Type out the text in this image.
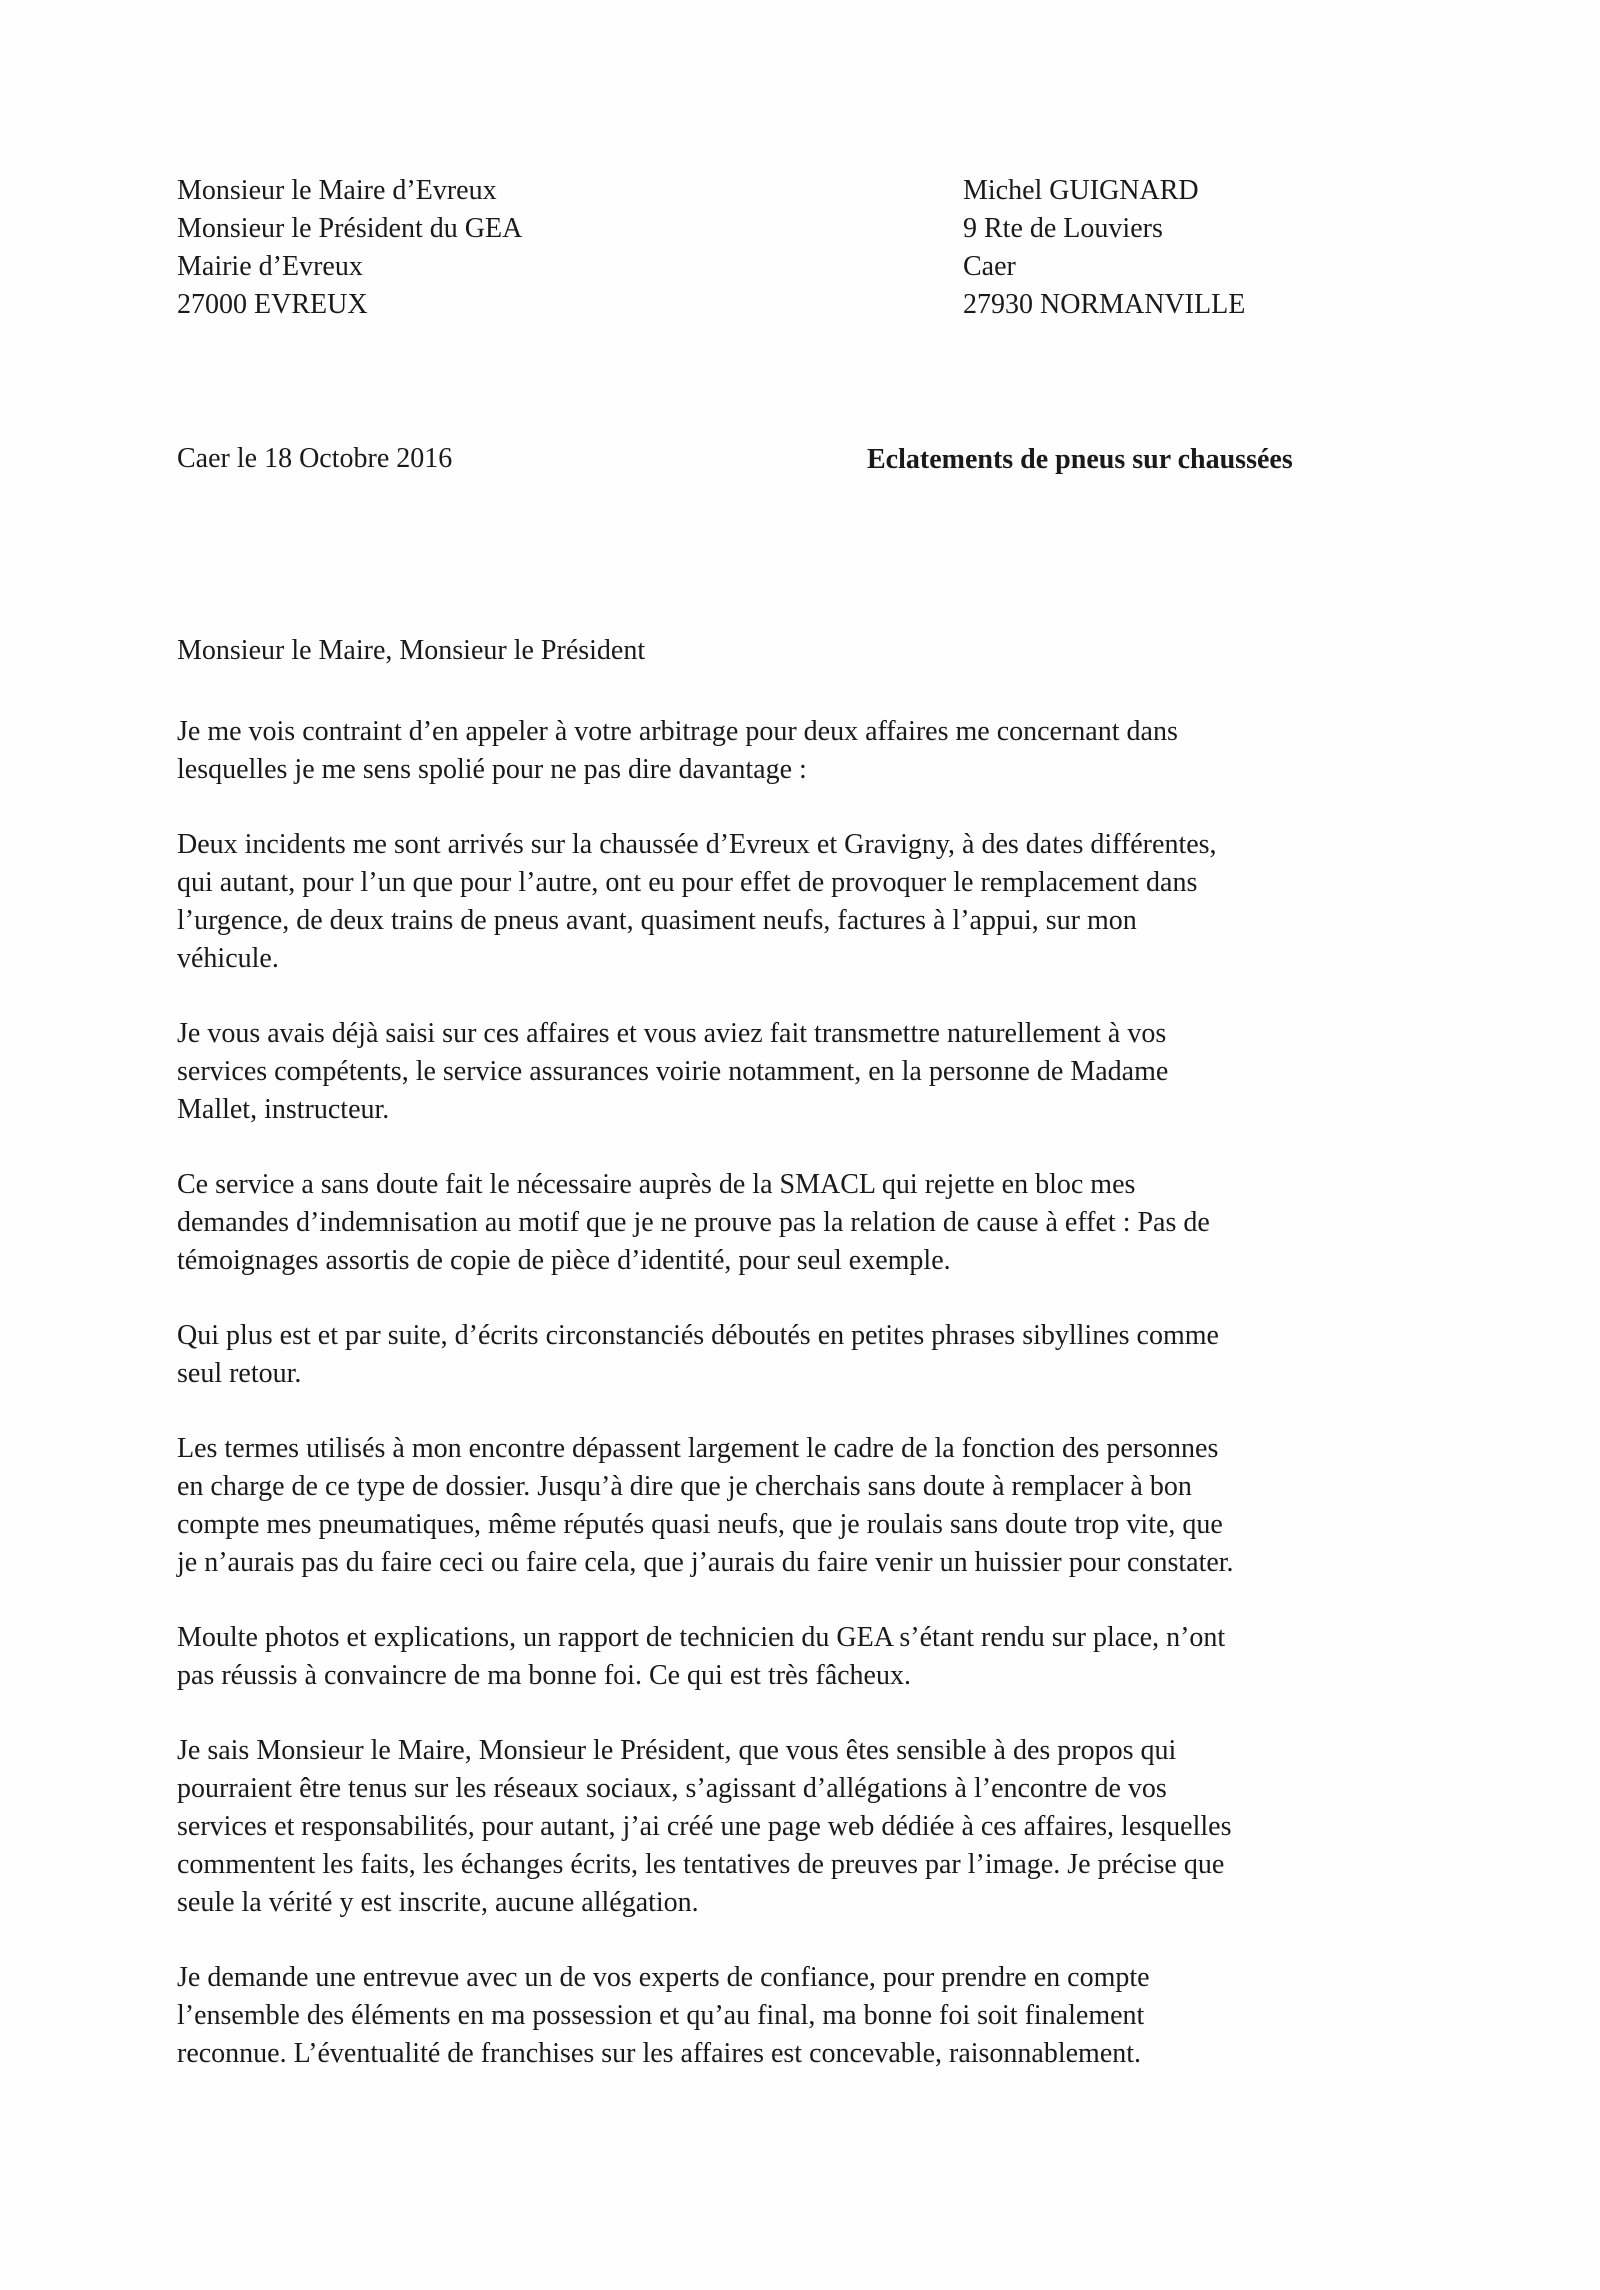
Monsieur le Maire d’Evreux
Monsieur le Président du GEA
Mairie d’Evreux
27000 EVREUX
Michel GUIGNARD
9 Rte de Louviers
Caer
27930 NORMANVILLE
Caer le 18 Octobre 2016	Eclatements de pneus sur chaussées
Monsieur le Maire, Monsieur le Président

Je me vois contraint d’en appeler à votre arbitrage pour deux affaires me concernant dans
lesquelles je me sens spolié pour ne pas dire davantage :

Deux incidents me sont arrivés sur la chaussée d’Evreux et Gravigny, à des dates différentes,
qui autant, pour l’un que pour l’autre, ont eu pour effet de provoquer le remplacement dans
l’urgence, de deux trains de pneus avant, quasiment neufs, factures à l’appui, sur mon
véhicule.

Je vous avais déjà saisi sur ces affaires et vous aviez fait transmettre naturellement à vos
services compétents, le service assurances voirie notamment, en la personne de Madame
Mallet, instructeur.

Ce service a sans doute fait le nécessaire auprès de la SMACL qui rejette en bloc mes
demandes d’indemnisation au motif que je ne prouve pas la relation de cause à effet : Pas de
témoignages assortis de copie de pièce d’identité, pour seul exemple.

Qui plus est et par suite, d’écrits circonstanciés déboutés en petites phrases sibyllines comme
seul retour.

Les termes utilisés à mon encontre dépassent largement le cadre de la fonction des personnes
en charge de ce type de dossier. Jusqu’à dire que je cherchais sans doute à remplacer à bon
compte mes pneumatiques, même réputés quasi neufs, que je roulais sans doute trop vite, que
je n’aurais pas du faire ceci ou faire cela, que j’aurais du faire venir un huissier pour constater.

Moulte photos et explications, un rapport de technicien du GEA s’étant rendu sur place, n’ont
pas réussis à convaincre de ma bonne foi. Ce qui est très fâcheux.

Je sais Monsieur le Maire, Monsieur le Président, que vous êtes sensible à des propos qui
pourraient être tenus sur les réseaux sociaux, s’agissant d’allégations à l’encontre de vos
services et responsabilités, pour autant, j’ai créé une page web dédiée à ces affaires, lesquelles
commentent les faits, les échanges écrits, les tentatives de preuves par l’image. Je précise que
seule la vérité y est inscrite, aucune allégation.

Je demande une entrevue avec un de vos experts de confiance, pour prendre en compte
l’ensemble des éléments en ma possession et qu’au final, ma bonne foi soit finalement
reconnue. L’éventualité de franchises sur les affaires est concevable, raisonnablement.
